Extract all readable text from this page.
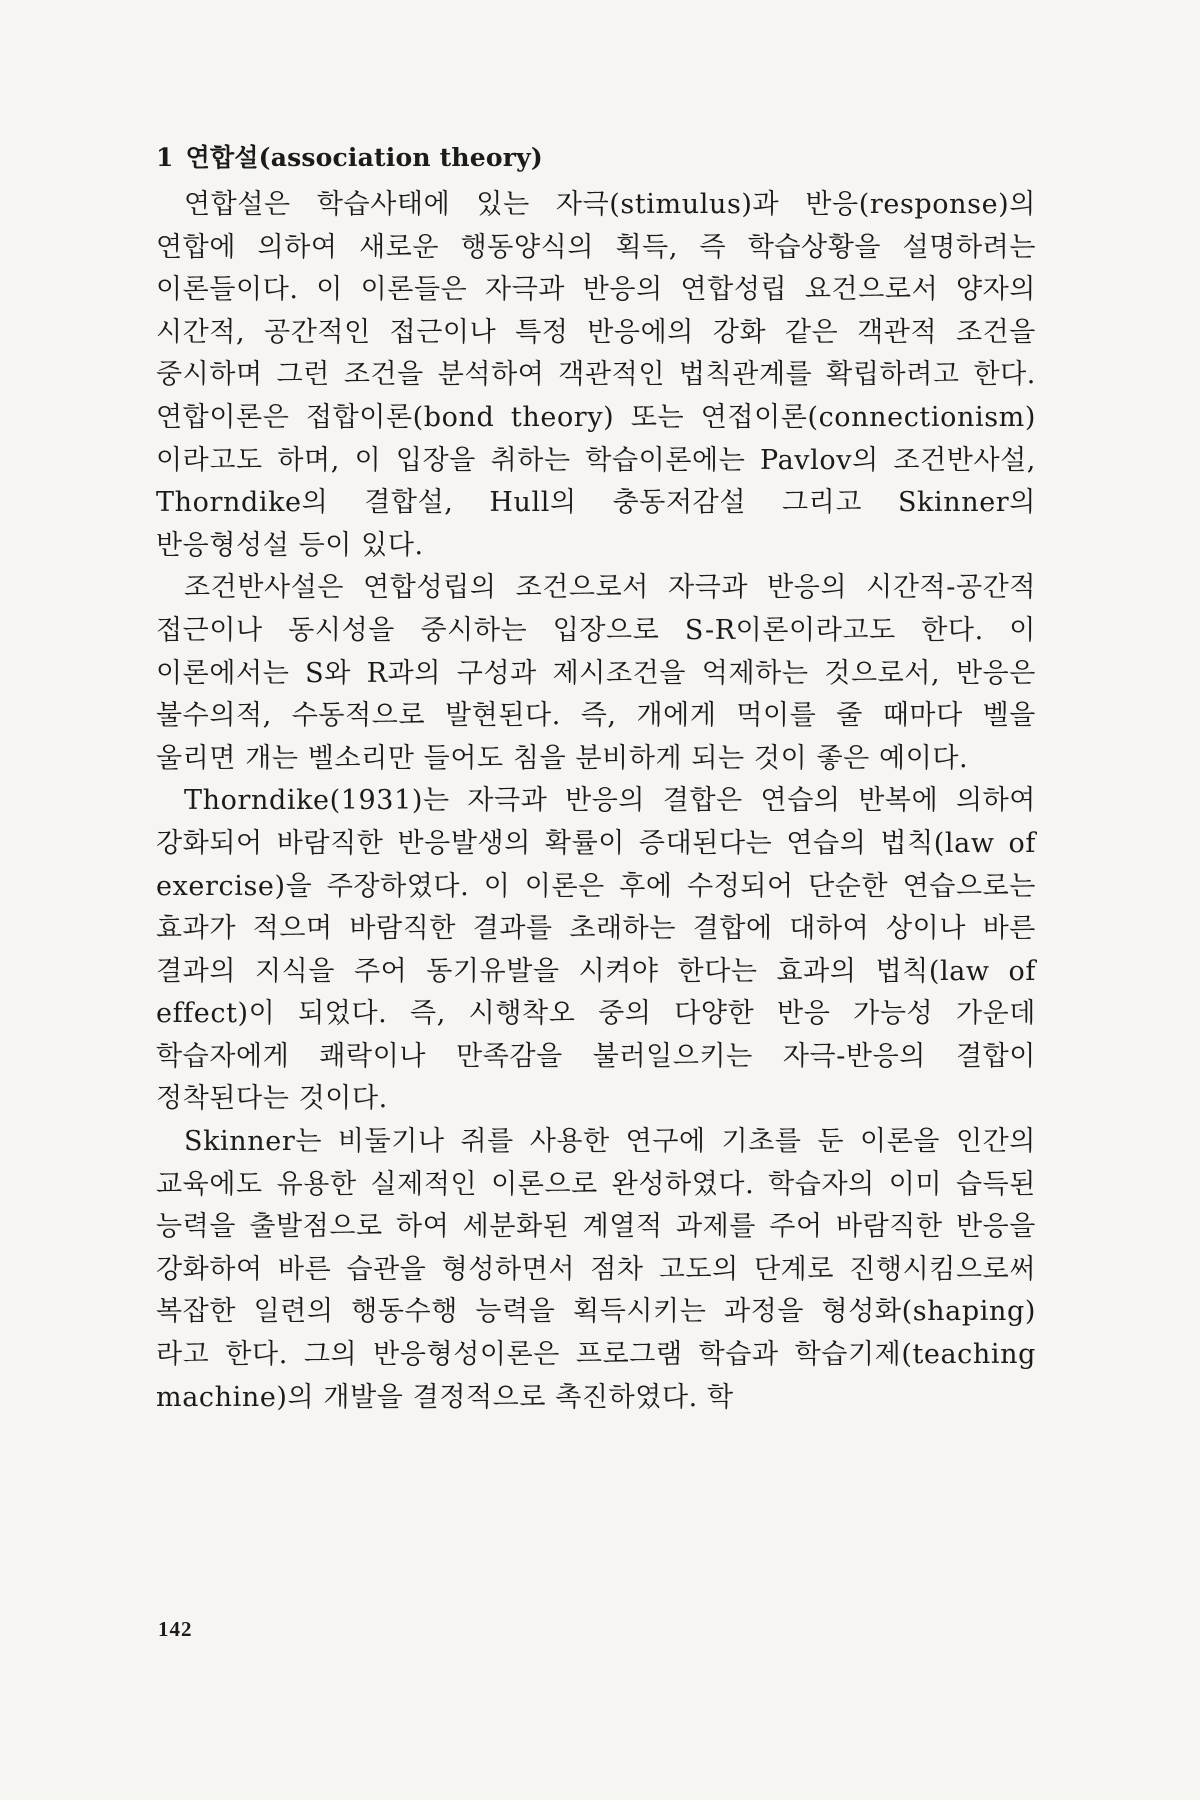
1 연합설(association theory)

연합설은 학습사태에 있는 자극(stimulus)과 반응(response)의 연합에 의하여 새로운 행동양식의 획득, 즉 학습상황을 설명하려는 이론들이다. 이 이론들은 자극과 반응의 연합성립 요건으로서 양자의 시간적, 공간적인 접근이나 특정 반응에의 강화 같은 객관적 조건을 중시하며 그런 조건을 분석하여 객관적인 법칙관계를 확립하려고 한다. 연합이론은 접합이론(bond theory) 또는 연접이론(connectionism)이라고도 하며, 이 입장을 취하는 학습이론에는 Pavlov의 조건반사설, Thorndike의 결합설, Hull의 충동저감설 그리고 Skinner의 반응형성설 등이 있다.

조건반사설은 연합성립의 조건으로서 자극과 반응의 시간적-공간적 접근이나 동시성을 중시하는 입장으로 S-R이론이라고도 한다. 이 이론에서는 S와 R과의 구성과 제시조건을 억제하는 것으로서, 반응은 불수의적, 수동적으로 발현된다. 즉, 개에게 먹이를 줄 때마다 벨을 울리면 개는 벨소리만 들어도 침을 분비하게 되는 것이 좋은 예이다.

Thorndike(1931)는 자극과 반응의 결합은 연습의 반복에 의하여 강화되어 바람직한 반응발생의 확률이 증대된다는 연습의 법칙(law of exercise)을 주장하였다. 이 이론은 후에 수정되어 단순한 연습으로는 효과가 적으며 바람직한 결과를 초래하는 결합에 대하여 상이나 바른 결과의 지식을 주어 동기유발을 시켜야 한다는 효과의 법칙(law of effect)이 되었다. 즉, 시행착오 중의 다양한 반응 가능성 가운데 학습자에게 쾌락이나 만족감을 불러일으키는 자극-반응의 결합이 정착된다는 것이다.

Skinner는 비둘기나 쥐를 사용한 연구에 기초를 둔 이론을 인간의 교육에도 유용한 실제적인 이론으로 완성하였다. 학습자의 이미 습득된 능력을 출발점으로 하여 세분화된 계열적 과제를 주어 바람직한 반응을 강화하여 바른 습관을 형성하면서 점차 고도의 단계로 진행시킴으로써 복잡한 일련의 행동수행 능력을 획득시키는 과정을 형성화(shaping)라고 한다. 그의 반응형성이론은 프로그램 학습과 학습기제(teaching machine)의 개발을 결정적으로 촉진하였다. 학

142
